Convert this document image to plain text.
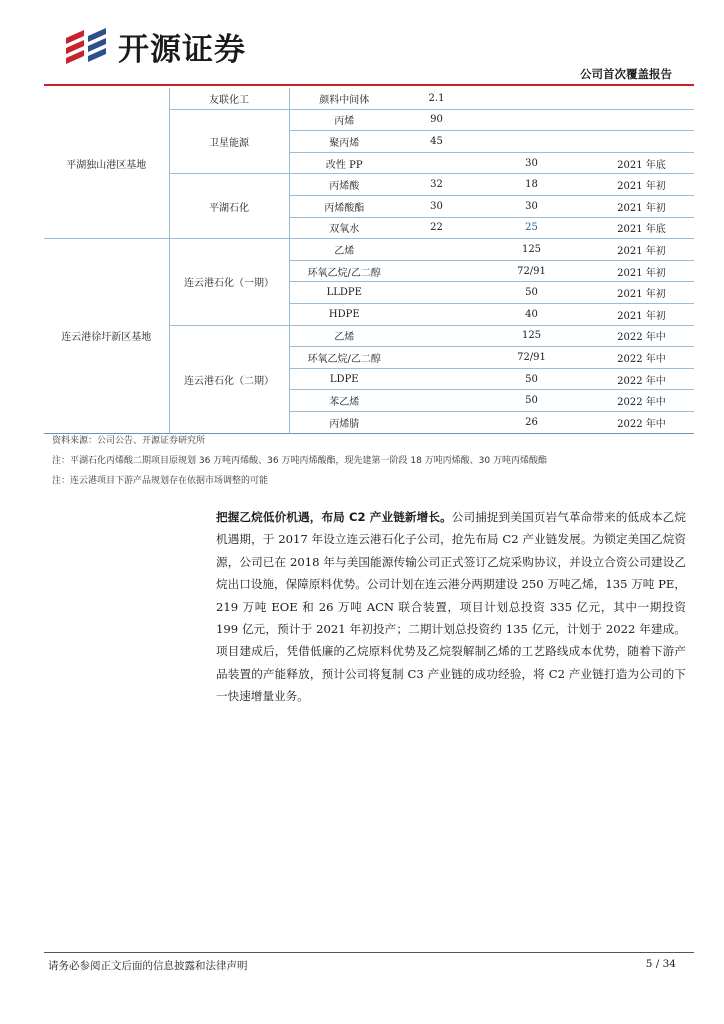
开源证券
公司首次覆盖报告
平湖独山港区基地	友联化工	颜料中间体	2.1		
	卫星能源	丙烯	90		
		聚丙烯	45		
		改性 PP		30	2021 年底
	平湖石化	丙烯酸	32	18	2021 年初
		丙烯酸酯	30	30	2021 年初
		双氧水	22	25	2021 年底
连云港徐圩新区基地	连云港石化（一期）	乙烯		125	2021 年初
		环氧乙烷/乙二醇		72/91	2021 年初
		LLDPE		50	2021 年初
		HDPE		40	2021 年初
	连云港石化（二期）	乙烯		125	2022 年中
		环氧乙烷/乙二醇		72/91	2022 年中
		LDPE		50	2022 年中
		苯乙烯		50	2022 年中
		丙烯腈		26	2022 年中
资料来源：公司公告、开源证券研究所
注：平湖石化丙烯酸二期项目原规划 36 万吨丙烯酸、36 万吨丙烯酸酯，现先建第一阶段 18 万吨丙烯酸、30 万吨丙烯酸酯
注：连云港项目下游产品规划存在依据市场调整的可能
把握乙烷低价机遇，布局 C2 产业链新增长。公司捕捉到美国页岩气革命带来的低成本乙烷机遇期，于 2017 年设立连云港石化子公司，抢先布局 C2 产业链发展。为锁定美国乙烷资源，公司已在 2018 年与美国能源传输公司正式签订乙烷采购协议，并设立合资公司建设乙烷出口设施，保障原料优势。公司计划在连云港分两期建设 250 万吨乙烯，135 万吨 PE，219 万吨 EOE 和 26 万吨 ACN 联合装置，项目计划总投资 335 亿元，其中一期投资 199 亿元，预计于 2021 年初投产；二期计划总投资约 135 亿元，计划于 2022 年建成。项目建成后，凭借低廉的乙烷原料优势及乙烷裂解制乙烯的工艺路线成本优势，随着下游产品装置的产能释放，预计公司将复制 C3 产业链的成功经验，将 C2 产业链打造为公司的下一快速增量业务。
请务必参阅正文后面的信息披露和法律声明	5 / 34
